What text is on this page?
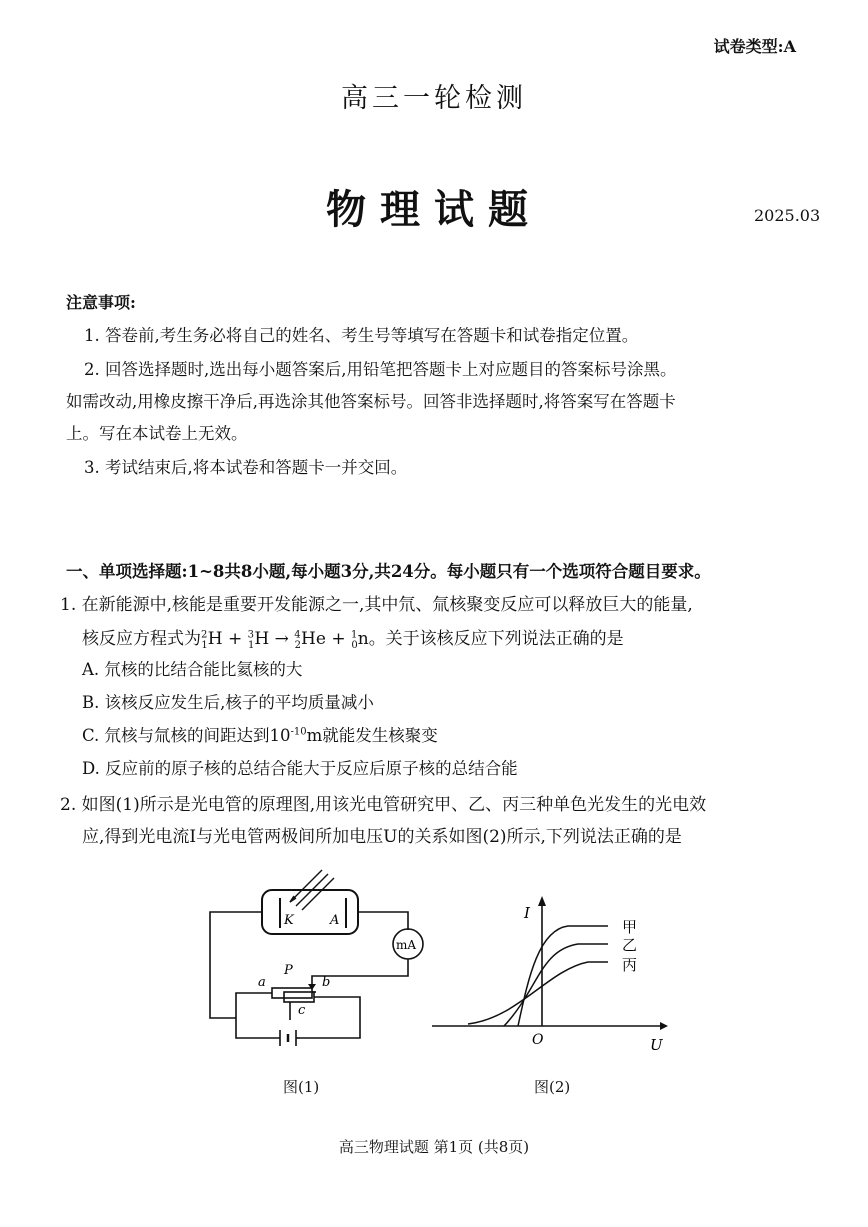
试卷类型:A
高三一轮检测
物理试题	2025.03
注意事项:
1. 答卷前,考生务必将自己的姓名、考生号等填写在答题卡和试卷指定位置。
2. 回答选择题时,选出每小题答案后,用铅笔把答题卡上对应题目的答案标号涂黑。
如需改动,用橡皮擦干净后,再选涂其他答案标号。回答非选择题时,将答案写在答题卡
上。写在本试卷上无效。
3. 考试结束后,将本试卷和答题卡一并交回。
一、单项选择题:1~8共8小题,每小题3分,共24分。每小题只有一个选项符合题目要求。
1. 在新能源中,核能是重要开发能源之一,其中氘、氚核聚变反应可以释放巨大的能量,
核反应方程式为$^2_1$H + $^3_1$H → $^4_2$He + $^1_0$n。关于该核反应下列说法正确的是
A. 氘核的比结合能比氦核的大
B. 该核反应发生后,核子的平均质量减小
C. 氘核与氚核的间距达到$10^{-10}m$就能发生核聚变
D. 反应前的原子核的总结合能大于反应后原子核的总结合能
2. 如图(1)所示是光电管的原理图,用该光电管研究甲、乙、丙三种单色光发生的光电效
应,得到光电流I与光电管两极间所加电压U的关系如图(2)所示,下列说法正确的是
K	A
mA
P
a	b
c
图(1)
I
U
O
甲
乙
丙
图(2)
高三物理试题 第1页 (共8页)
